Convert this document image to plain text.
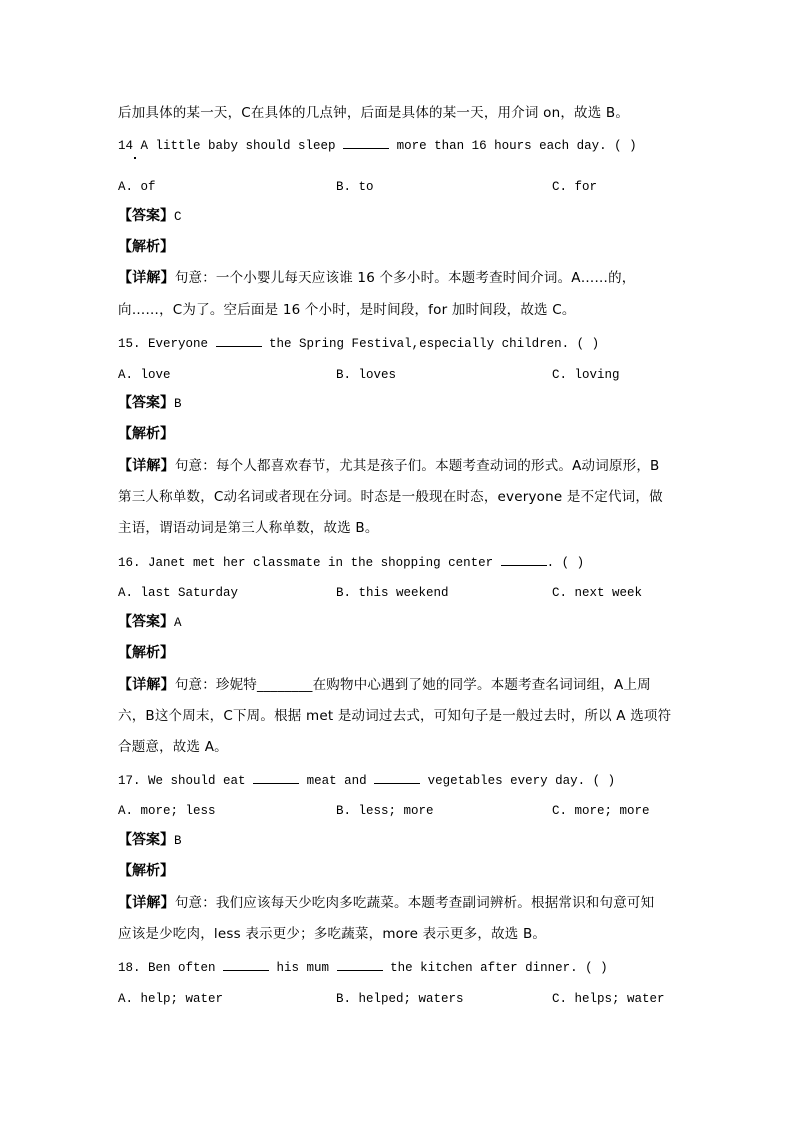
后加具体的某一天，C在具体的几点钟，后面是具体的某一天，用介词 on，故选 B。
14 A little baby should sleep	more than 16 hours each day. ( )
A. of	B. to	C. for
【答案】C
【解析】
【详解】句意：一个小婴儿每天应该谁 16 个多小时。本题考查时间介词。A……的，
向……，C为了。空后面是 16 个小时，是时间段，for 加时间段，故选 C。
15. Everyone	the Spring Festival,especially children. ( )
A. love	B. loves	C. loving
【答案】B
【解析】
【详解】句意：每个人都喜欢春节，尤其是孩子们。本题考查动词的形式。A动词原形，B
第三人称单数，C动名词或者现在分词。时态是一般现在时态，everyone 是不定代词，做
主语，谓语动词是第三人称单数，故选 B。
16. Janet met her classmate in the shopping center	. ( )
A. last Saturday	B. this weekend	C. next week
【答案】A
【解析】
【详解】句意：珍妮特________在购物中心遇到了她的同学。本题考查名词词组，A上周
六，B这个周末，C下周。根据 met 是动词过去式，可知句子是一般过去时，所以 A 选项符
合题意，故选 A。
17. We should eat	meat and	vegetables every day. ( )
A. more; less	B. less; more	C. more; more
【答案】B
【解析】
【详解】句意：我们应该每天少吃肉多吃蔬菜。本题考查副词辨析。根据常识和句意可知
应该是少吃肉，less 表示更少；多吃蔬菜，more 表示更多，故选 B。
18. Ben often	his mum	the kitchen after dinner. ( )
A. help; water	B. helped; waters	C. helps; water
